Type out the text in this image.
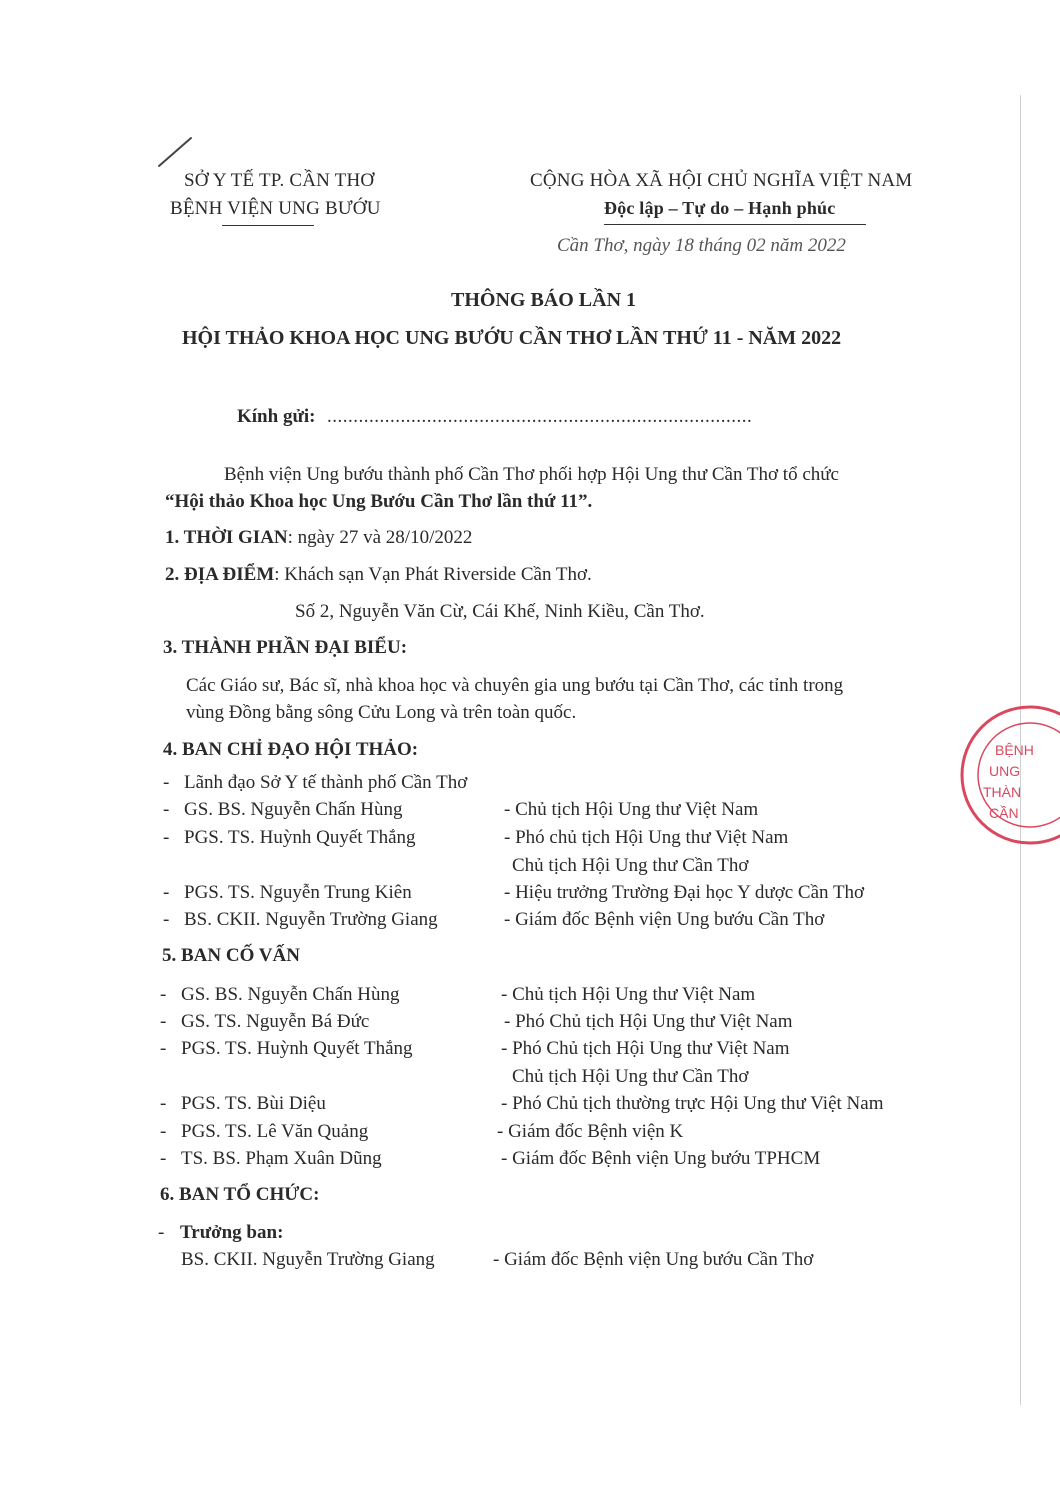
SỞ Y TẾ TP. CẦN THƠ
BỆNH VIỆN UNG BƯỚU
CỘNG HÒA XÃ HỘI CHỦ NGHĨA VIỆT NAM
Độc lập – Tự do – Hạnh phúc
Cần Thơ, ngày 18 tháng 02 năm 2022
THÔNG BÁO LẦN 1
HỘI THẢO KHOA HỌC UNG BƯỚU CẦN THƠ LẦN THỨ 11 - NĂM 2022
Kính gửi: .................................................................................
Bệnh viện Ung bướu thành phố Cần Thơ phối hợp Hội Ung thư Cần Thơ tổ chức
“Hội thảo Khoa học Ung Bướu Cần Thơ lần thứ 11”.
1. THỜI GIAN: ngày 27 và 28/10/2022
2. ĐỊA ĐIỂM: Khách sạn Vạn Phát Riverside Cần Thơ.
Số 2, Nguyễn Văn Cừ, Cái Khế, Ninh Kiều, Cần Thơ.
3. THÀNH PHẦN ĐẠI BIỂU:
Các Giáo sư, Bác sĩ, nhà khoa học và chuyên gia ung bướu tại Cần Thơ, các tỉnh trong
vùng Đồng bằng sông Cửu Long và trên toàn quốc.
4. BAN CHỈ ĐẠO HỘI THẢO:
- Lãnh đạo Sở Y tế thành phố Cần Thơ
- GS. BS. Nguyễn Chấn Hùng	- Chủ tịch Hội Ung thư Việt Nam
- PGS. TS. Huỳnh Quyết Thắng	- Phó chủ tịch Hội Ung thư Việt Nam
Chủ tịch Hội Ung thư Cần Thơ
- PGS. TS. Nguyễn Trung Kiên	- Hiệu trưởng Trường Đại học Y dược Cần Thơ
- BS. CKII. Nguyễn Trường Giang	- Giám đốc Bệnh viện Ung bướu Cần Thơ
5. BAN CỐ VẤN
- GS. BS. Nguyễn Chấn Hùng	- Chủ tịch Hội Ung thư Việt Nam
- GS. TS. Nguyễn Bá Đức	- Phó Chủ tịch Hội Ung thư Việt Nam
- PGS. TS. Huỳnh Quyết Thắng	- Phó Chủ tịch Hội Ung thư Việt Nam
Chủ tịch Hội Ung thư Cần Thơ
- PGS. TS. Bùi Diệu	- Phó Chủ tịch thường trực Hội Ung thư Việt Nam
- PGS. TS. Lê Văn Quảng	- Giám đốc Bệnh viện K
- TS. BS. Phạm Xuân Dũng	- Giám đốc Bệnh viện Ung bướu TPHCM
6. BAN TỔ CHỨC:
- Trưởng ban:
BS. CKII. Nguyễn Trường Giang	- Giám đốc Bệnh viện Ung bướu Cần Thơ
BỆNH
UNG
THÀN
CẦN
